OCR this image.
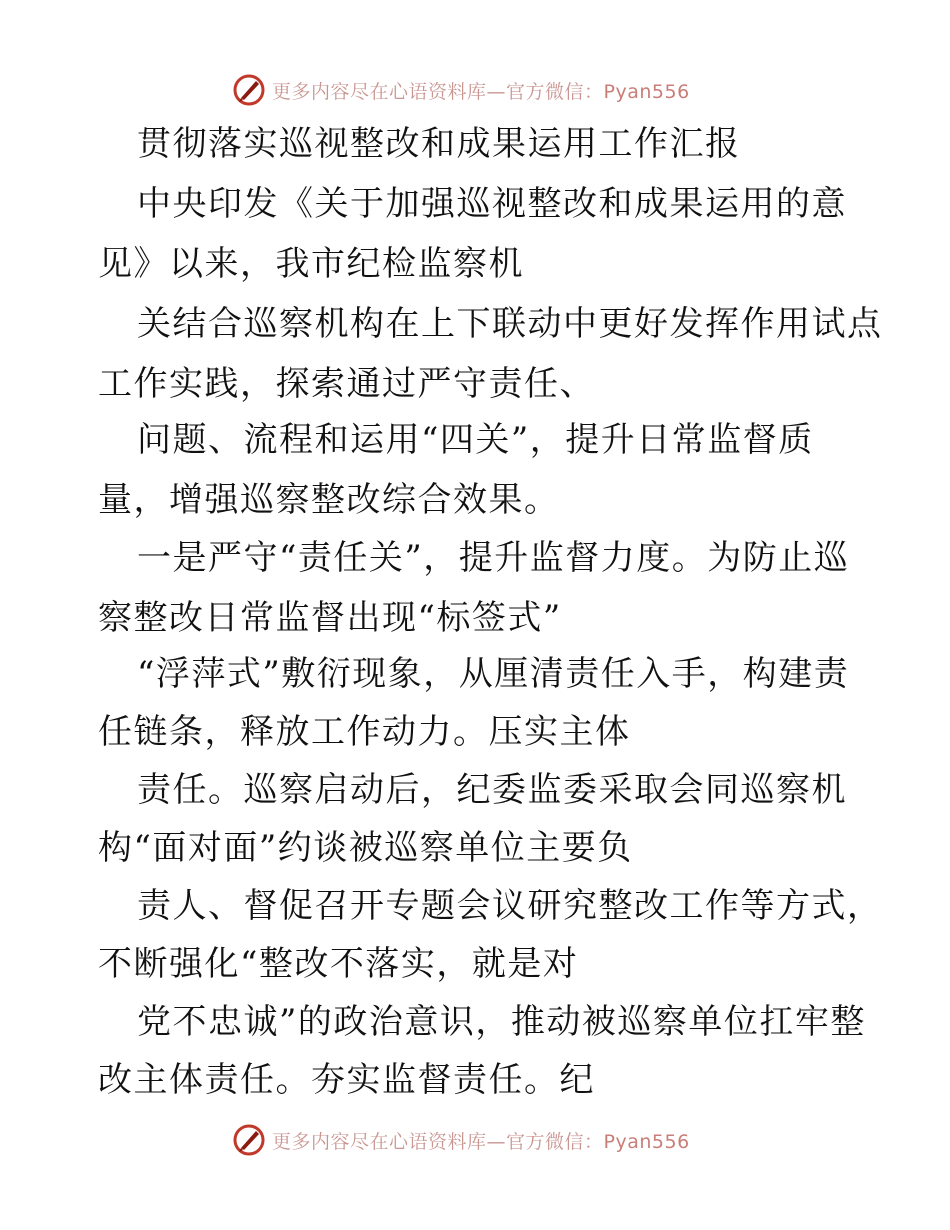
更多内容尽在心语资料库—官方微信：Pyan556
贯彻落实巡视整改和成果运用工作汇报
中央印发《关于加强巡视整改和成果运用的意
见》以来，我市纪检监察机
关结合巡察机构在上下联动中更好发挥作用试点
工作实践，探索通过严守责任、
问题、流程和运用“四关”，提升日常监督质
量，增强巡察整改综合效果。
一是严守“责任关”，提升监督力度。为防止巡
察整改日常监督出现“标签式”
“浮萍式”敷衍现象，从厘清责任入手，构建责
任链条，释放工作动力。压实主体
责任。巡察启动后，纪委监委采取会同巡察机
构“面对面”约谈被巡察单位主要负
责人、督促召开专题会议研究整改工作等方式，
不断强化“整改不落实，就是对
党不忠诚”的政治意识，推动被巡察单位扛牢整
改主体责任。夯实监督责任。纪
更多内容尽在心语资料库—官方微信：Pyan556
